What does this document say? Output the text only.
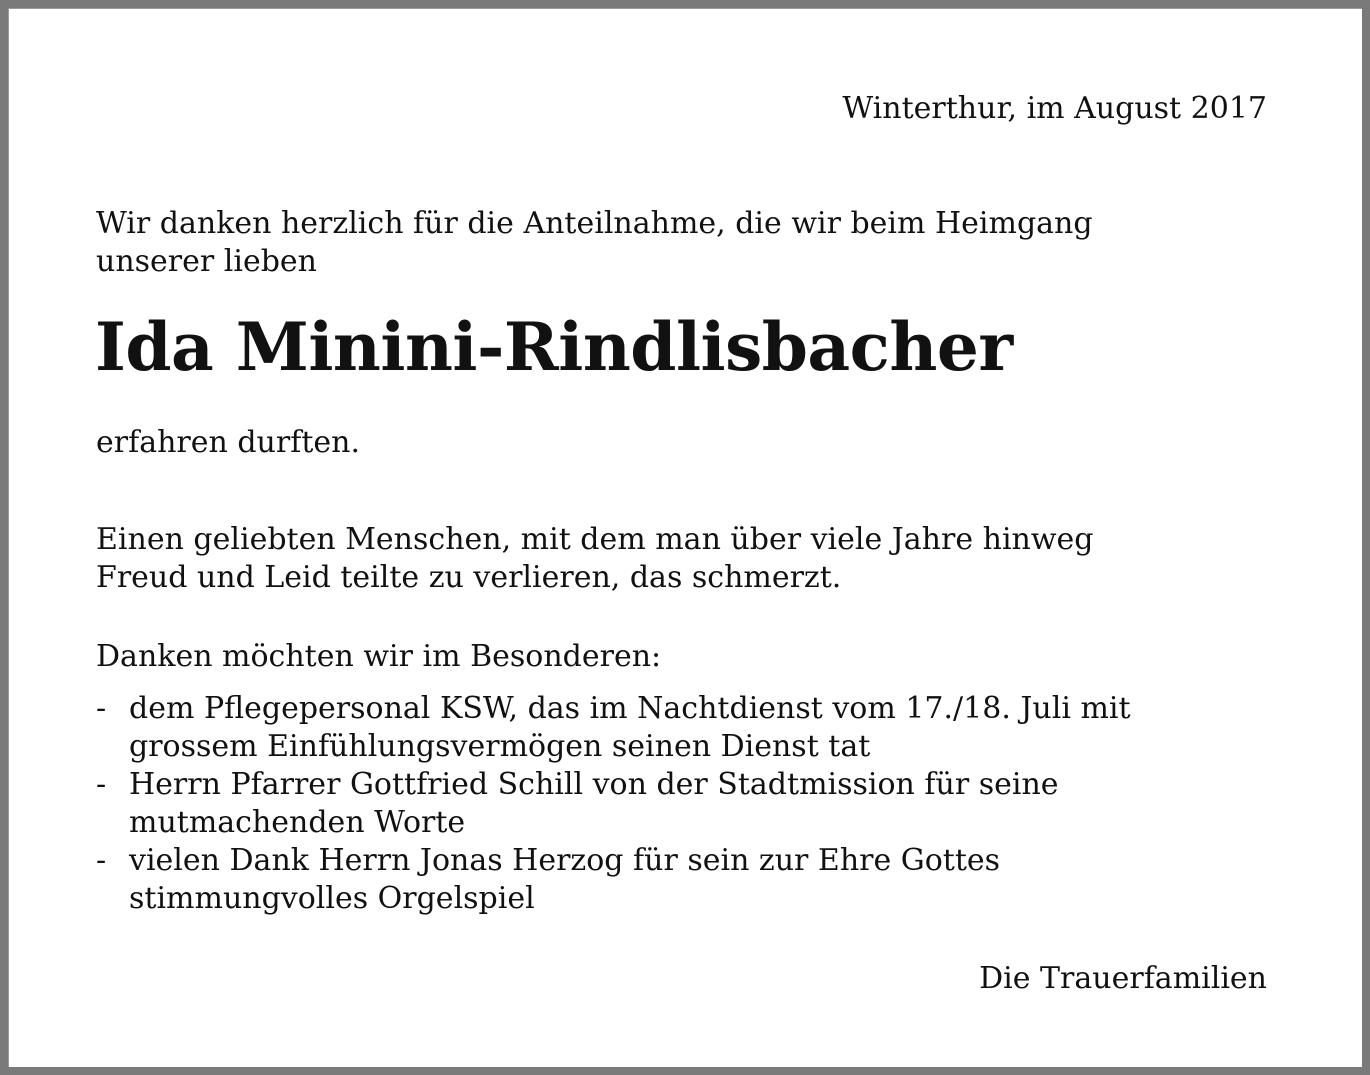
Winterthur, im August 2017
Wir danken herzlich für die Anteilnahme, die wir beim Heimgang
unserer lieben
Ida Minini-Rindlisbacher
erfahren durften.
Einen geliebten Menschen, mit dem man über viele Jahre hinweg
Freud und Leid teilte zu verlieren, das schmerzt.
Danken möchten wir im Besonderen:
- dem Pflegepersonal KSW, das im Nachtdienst vom 17./18. Juli mit
grossem Einfühlungsvermögen seinen Dienst tat
- Herrn Pfarrer Gottfried Schill von der Stadtmission für seine
mutmachenden Worte
- vielen Dank Herrn Jonas Herzog für sein zur Ehre Gottes
stimmungvolles Orgelspiel
Die Trauerfamilien
